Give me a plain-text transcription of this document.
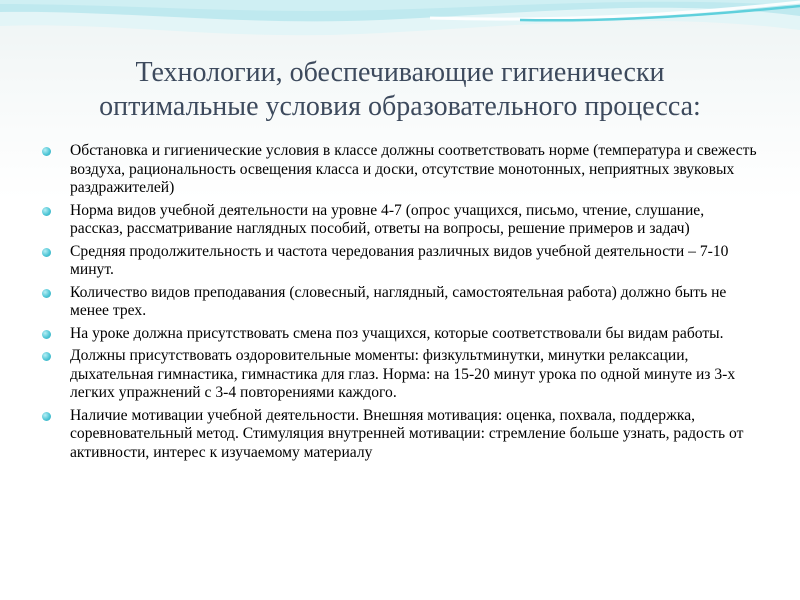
Технологии, обеспечивающие гигиенически оптимальные условия образовательного процесса:
Обстановка и гигиенические условия в классе должны соответствовать норме (температура и свежесть воздуха, рациональность освещения класса и доски, отсутствие монотонных, неприятных звуковых раздражителей)
Норма видов учебной деятельности на уровне 4-7 (опрос учащихся, письмо, чтение, слушание, рассказ, рассматривание наглядных пособий, ответы на вопросы, решение примеров и задач)
Средняя продолжительность и частота чередования различных видов учебной деятельности – 7-10 минут.
Количество видов преподавания (словесный, наглядный, самостоятельная работа) должно быть не менее трех.
На уроке должна присутствовать смена поз учащихся, которые соответствовали бы видам работы.
Должны присутствовать оздоровительные моменты: физкультминутки, минутки релаксации, дыхательная гимнастика, гимнастика для глаз. Норма: на 15-20 минут урока по одной минуте из 3-х легких упражнений с 3-4 повторениями каждого.
Наличие мотивации учебной деятельности. Внешняя мотивация: оценка, похвала, поддержка, соревновательный метод. Стимуляция внутренней мотивации: стремление больше узнать, радость от активности, интерес к изучаемому материалу
